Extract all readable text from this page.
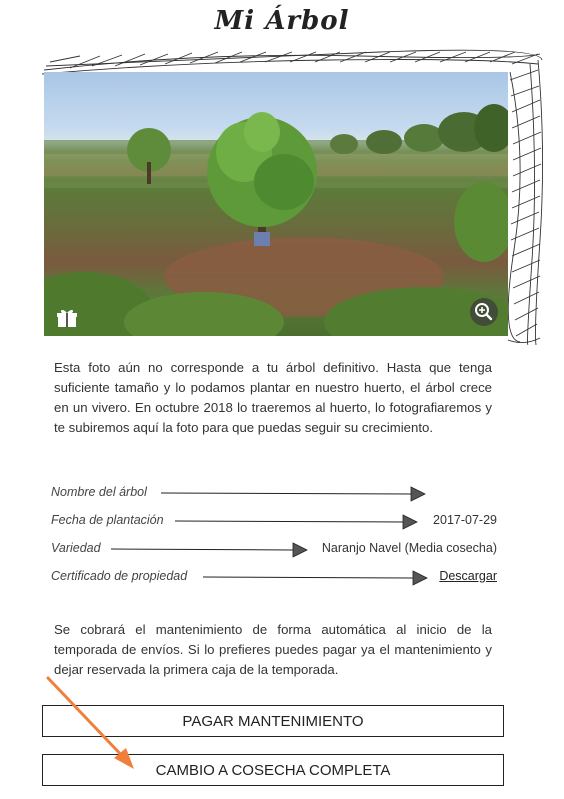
Mi Árbol

Esta foto aún no corresponde a tu árbol definitivo. Hasta que tenga suficiente tamaño y lo podamos plantar en nuestro huerto, el árbol crece en un vivero. En octubre 2018 lo traeremos al huerto, lo fotografiaremos y te subiremos aquí la foto para que puedas seguir su crecimiento.

Nombre del árbol
Fecha de plantación	2017-07-29
Variedad	Naranjo Navel (Media cosecha)
Certificado de propiedad	Descargar

Se cobrará el mantenimiento de forma automática al inicio de la temporada de envíos. Si lo prefieres puedes pagar ya el mantenimiento y dejar reservada la primera caja de la temporada.

PAGAR MANTENIMIENTO
CAMBIO A COSECHA COMPLETA
